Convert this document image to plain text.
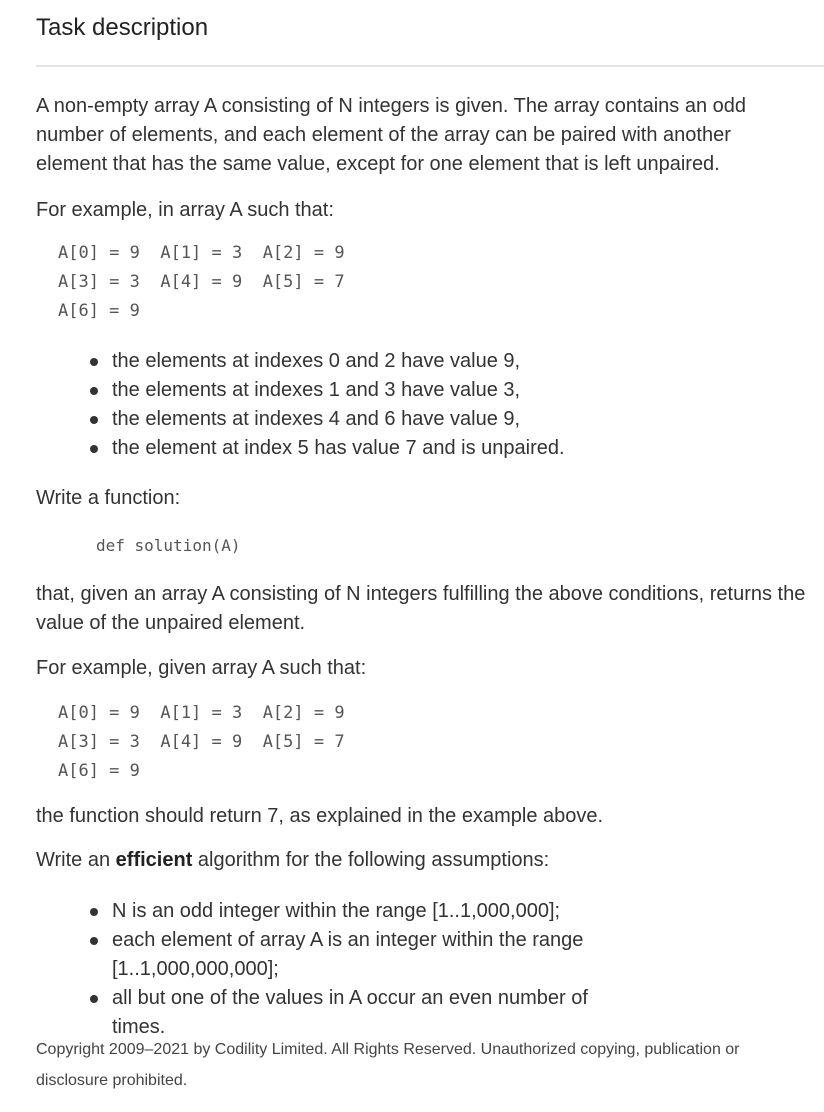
Task description

A non-empty array A consisting of N integers is given. The array contains an odd number of elements, and each element of the array can be paired with another element that has the same value, except for one element that is left unpaired.

For example, in array A such that:

A[0] = 9  A[1] = 3  A[2] = 9
A[3] = 3  A[4] = 9  A[5] = 7
A[6] = 9
the elements at indexes 0 and 2 have value 9,
the elements at indexes 1 and 3 have value 3,
the elements at indexes 4 and 6 have value 9,
the element at index 5 has value 7 and is unpaired.

Write a function:

def solution(A)

that, given an array A consisting of N integers fulfilling the above conditions, returns the value of the unpaired element.

For example, given array A such that:

A[0] = 9  A[1] = 3  A[2] = 9
A[3] = 3  A[4] = 9  A[5] = 7
A[6] = 9

the function should return 7, as explained in the example above.

Write an efficient algorithm for the following assumptions:

N is an odd integer within the range [1..1,000,000];
each element of array A is an integer within the range [1..1,000,000,000];
all but one of the values in A occur an even number of times.

Copyright 2009–2021 by Codility Limited. All Rights Reserved. Unauthorized copying, publication or disclosure prohibited.
